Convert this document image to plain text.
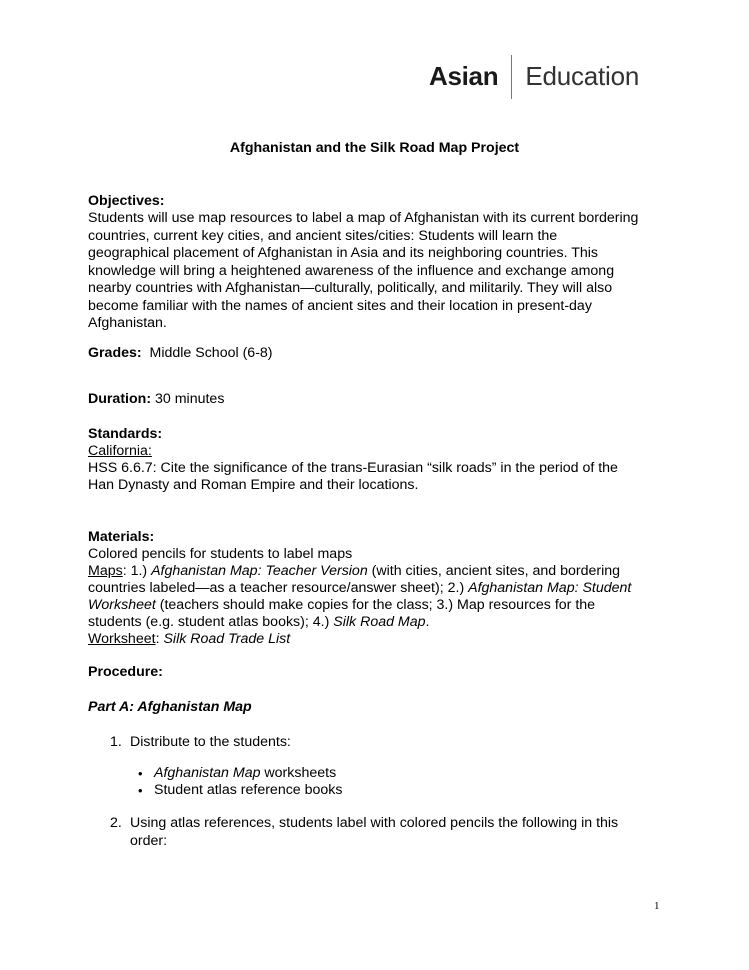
Asian Education
Afghanistan and the Silk Road Map Project
Objectives:
Students will use map resources to label a map of Afghanistan with its current bordering
countries, current key cities, and ancient sites/cities: Students will learn the
geographical placement of Afghanistan in Asia and its neighboring countries. This
knowledge will bring a heightened awareness of the influence and exchange among
nearby countries with Afghanistan—culturally, politically, and militarily. They will also
become familiar with the names of ancient sites and their location in present-day
Afghanistan.
Grades: Middle School (6-8)
Duration: 30 minutes
Standards:
California:
HSS 6.6.7: Cite the significance of the trans-Eurasian “silk roads” in the period of the
Han Dynasty and Roman Empire and their locations.
Materials:
Colored pencils for students to label maps
Maps: 1.) Afghanistan Map: Teacher Version (with cities, ancient sites, and bordering
countries labeled—as a teacher resource/answer sheet); 2.) Afghanistan Map: Student
Worksheet (teachers should make copies for the class; 3.) Map resources for the
students (e.g. student atlas books); 4.) Silk Road Map.
Worksheet: Silk Road Trade List
Procedure:
Part A: Afghanistan Map
1. Distribute to the students:
• Afghanistan Map worksheets
• Student atlas reference books
2. Using atlas references, students label with colored pencils the following in this
order:
1
